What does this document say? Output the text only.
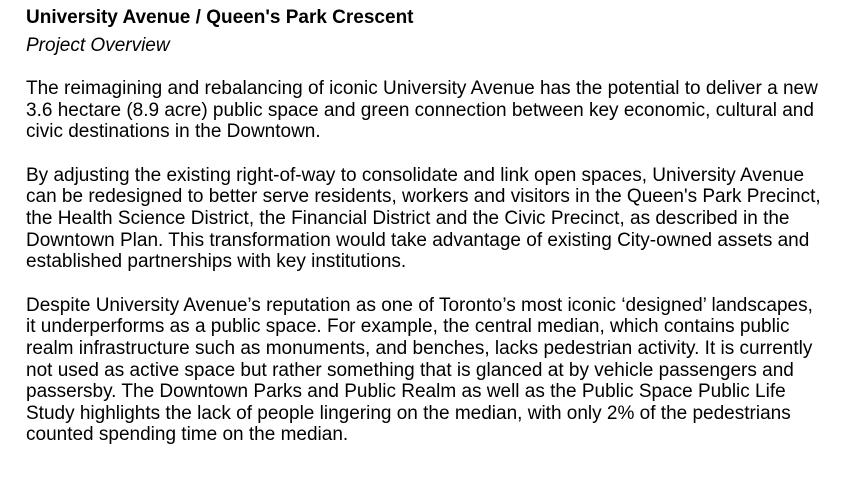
University Avenue / Queen's Park Crescent

Project Overview

The reimagining and rebalancing of iconic University Avenue has the potential to deliver a new 3.6 hectare (8.9 acre) public space and green connection between key economic, cultural and civic destinations in the Downtown.

By adjusting the existing right-of-way to consolidate and link open spaces, University Avenue can be redesigned to better serve residents, workers and visitors in the Queen's Park Precinct, the Health Science District, the Financial District and the Civic Precinct, as described in the Downtown Plan. This transformation would take advantage of existing City-owned assets and established partnerships with key institutions.

Despite University Avenue’s reputation as one of Toronto’s most iconic ‘designed’ landscapes, it underperforms as a public space. For example, the central median, which contains public realm infrastructure such as monuments, and benches, lacks pedestrian activity. It is currently not used as active space but rather something that is glanced at by vehicle passengers and passersby. The Downtown Parks and Public Realm as well as the Public Space Public Life Study highlights the lack of people lingering on the median, with only 2% of the pedestrians counted spending time on the median.
